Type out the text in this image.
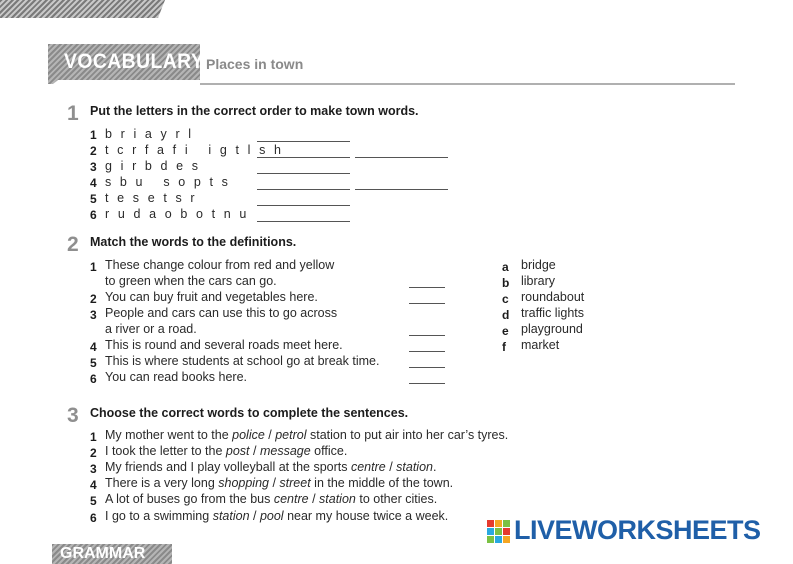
VOCABULARY Places in town
1 Put the letters in the correct order to make town words.
1 b r i a y r l
2 t c r f a f i   i g t l s h
3 g i r b d e s
4 s b u   s o p t s
5 t e s e t s r
6 r u d a o b o t n u
2 Match the words to the definitions.
1 These change colour from red and yellow
to green when the cars can go.
2 You can buy fruit and vegetables here.
3 People and cars can use this to go across
a river or a road.
4 This is round and several roads meet here.
5 This is where students at school go at break time.
6 You can read books here.
a bridge
b library
c roundabout
d traffic lights
e playground
f market
3 Choose the correct words to complete the sentences.
1 My mother went to the police / petrol station to put air into her car’s tyres.
2 I took the letter to the post / message office.
3 My friends and I play volleyball at the sports centre / station.
4 There is a very long shopping / street in the middle of the town.
5 A lot of buses go from the bus centre / station to other cities.
6 I go to a swimming station / pool near my house twice a week. LIVEWORKSHEETS
GRAMMAR
